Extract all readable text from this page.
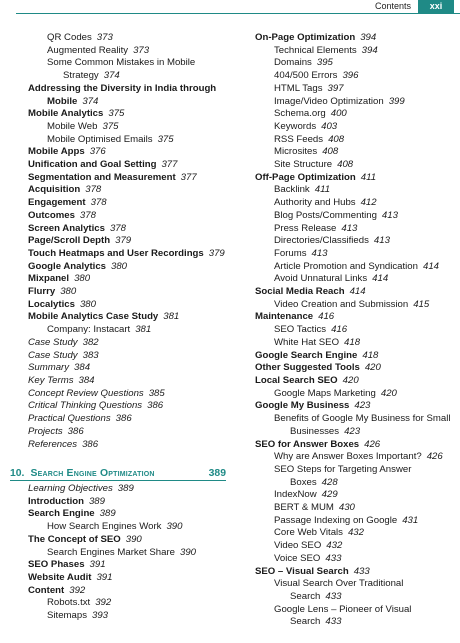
Contents	xxi
QR Codes 373
Augmented Reality 373
Some Common Mistakes in Mobile
Strategy 374
Addressing the Diversity in India through
Mobile 374
Mobile Analytics 375
Mobile Web 375
Mobile Optimised Emails 375
Mobile Apps 376
Unification and Goal Setting 377
Segmentation and Measurement 377
Acquisition 378
Engagement 378
Outcomes 378
Screen Analytics 378
Page/Scroll Depth 379
Touch Heatmaps and User Recordings 379
Google Analytics 380
Mixpanel 380
Flurry 380
Localytics 380
Mobile Analytics Case Study 381
Company: Instacart 381
Case Study 382
Case Study 383
Summary 384
Key Terms 384
Concept Review Questions 385
Critical Thinking Questions 386
Practical Questions 386
Projects 386
References 386
10. Search Engine Optimization	389
Learning Objectives 389
Introduction 389
Search Engine 389
How Search Engines Work 390
The Concept of SEO 390
Search Engines Market Share 390
SEO Phases 391
Website Audit 391
Content 392
Robots.txt 392
Sitemaps 393
On-Page Optimization 394
Technical Elements 394
Domains 395
404/500 Errors 396
HTML Tags 397
Image/Video Optimization 399
Schema.org 400
Keywords 403
RSS Feeds 408
Microsites 408
Site Structure 408
Off-Page Optimization 411
Backlink 411
Authority and Hubs 412
Blog Posts/Commenting 413
Press Release 413
Directories/Classifieds 413
Forums 413
Article Promotion and Syndication 414
Avoid Unnatural Links 414
Social Media Reach 414
Video Creation and Submission 415
Maintenance 416
SEO Tactics 416
White Hat SEO 418
Google Search Engine 418
Other Suggested Tools 420
Local Search SEO 420
Google Maps Marketing 420
Google My Business 423
Benefits of Google My Business for Small
Businesses 423
SEO for Answer Boxes 426
Why are Answer Boxes Important? 426
SEO Steps for Targeting Answer
Boxes 428
IndexNow 429
BERT & MUM 430
Passage Indexing on Google 431
Core Web Vitals 432
Video SEO 432
Voice SEO 433
SEO – Visual Search 433
Visual Search Over Traditional
Search 433
Google Lens – Pioneer of Visual
Search 433
